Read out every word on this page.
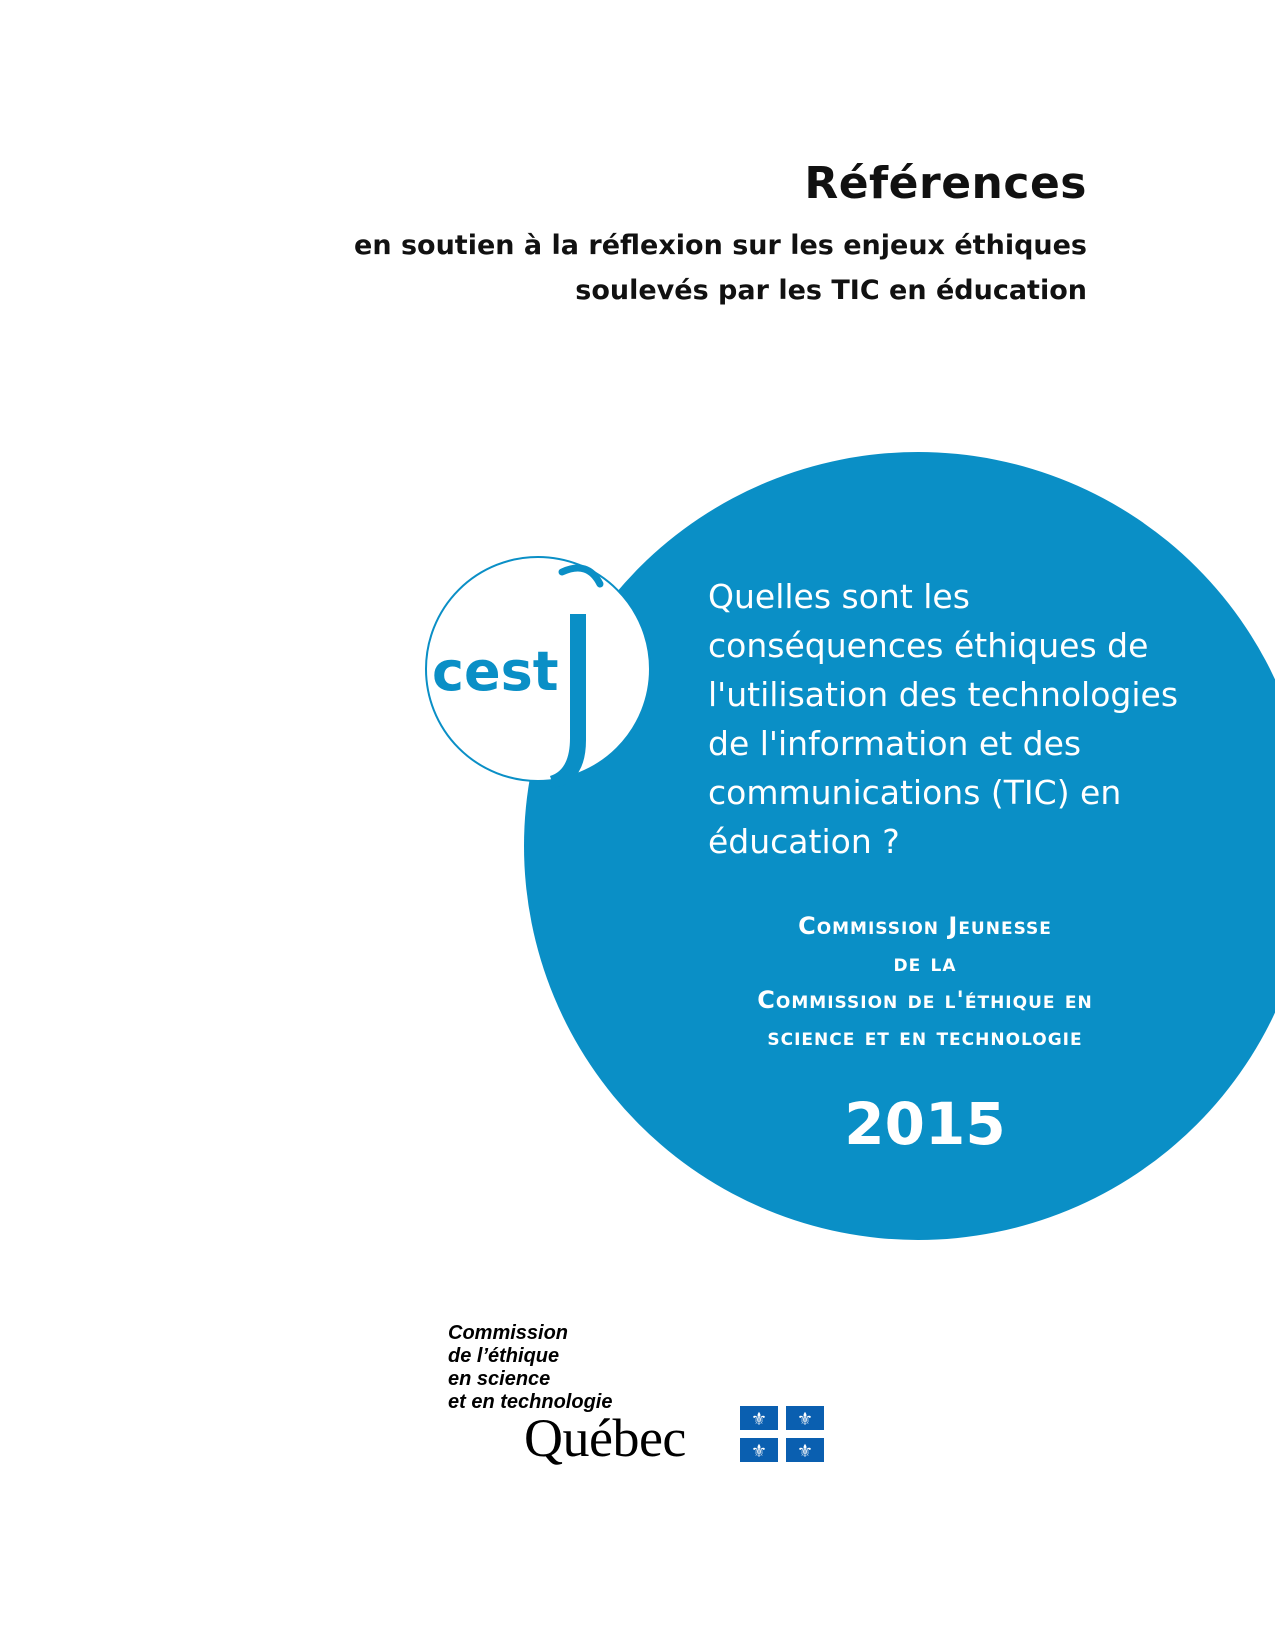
Références
en soutien à la réflexion sur les enjeux éthiques
soulevés par les TIC en éducation
cest
Quelles sont les
conséquences éthiques de
l'utilisation des technologies
de l'information et des
communications (TIC) en
éducation ?
Commission Jeunesse
de la
Commission de l'éthique en
science et en technologie
2015
Commission
de l’éthique
en science
et en technologie
Québec	⚜ ⚜
⚜ ⚜
